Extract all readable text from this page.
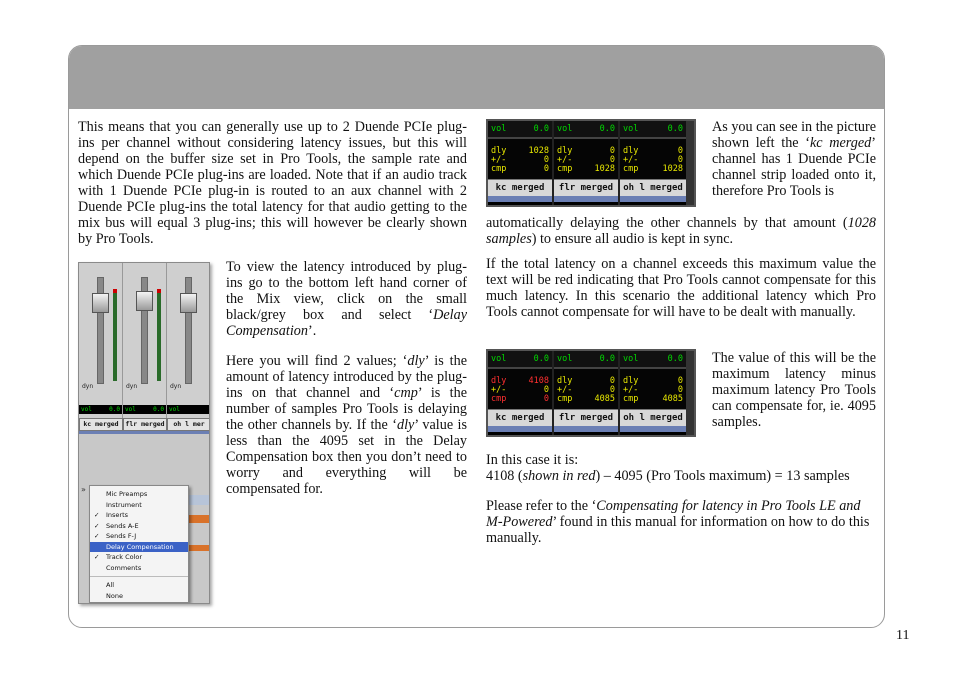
This means that you can generally use up to 2 Duende PCIe plug-ins per channel without considering latency issues, but this will depend on the buffer size set in Pro Tools, the sample rate and which Duende PCIe plug-ins are loaded. Note that if an audio track with 1 Duende PCIe plug-in is routed to an aux channel with 2 Duende PCIe plug-ins the total latency for that audio getting to the mix bus will equal 3 plug-ins; this will however be clearly shown by Pro Tools.

dyn
vol	0.0
dyn
vol	0.0
dyn
vol
kc merged	flr merged	oh l mer
»	Mic Preamps
Instrument
✓ Inserts
✓ Sends A-E
✓ Sends F-J
Delay Compensation
✓ Track Color
Comments
All
None

To view the latency introduced by plug-ins go to the bottom left hand corner of the Mix view, click on the small black/grey box and select ‘Delay Compensation’.

Here you will find 2 values; ‘dly’ is the amount of latency introduced by the plug-ins on that channel and ‘cmp’ is the number of samples Pro Tools is delaying the other channels by. If the ‘dly’ value is less than the 4095 set in the Delay Compensation box then you don’t need to worry and everything will be compensated for.

vol	0.0
dly	1028
+/-	0
cmp	0
kc merged
vol	0.0
dly	0
+/-	0
cmp	1028
flr merged
vol	0.0
dly	0
+/-	0
cmp	1028
oh l merged

As you can see in the picture shown left the ‘kc merged’ channel has 1 Duende PCIe channel strip loaded onto it, therefore Pro Tools is

automatically delaying the other channels by that amount (1028 samples) to ensure all audio is kept in sync.

If the total latency on a channel exceeds this maximum value the text will be red indicating that Pro Tools cannot compensate for this much latency. In this scenario the additional latency which Pro Tools cannot compensate for will have to be dealt with manually.

vol	0.0
dly	4108
+/-	0
cmp	0
kc merged
vol	0.0
dly	0
+/-	0
cmp	4085
flr merged
vol	0.0
dly	0
+/-	0
cmp	4085
oh l merged

The value of this will be the maximum latency minus maximum latency Pro Tools can compensate for, ie. 4095 samples.

In this case it is:
4108 (shown in red) – 4095 (Pro Tools maximum) = 13 samples

Please refer to the ‘Compensating for latency in Pro Tools LE and M-Powered’ found in this manual for information on how to do this manually.

11
